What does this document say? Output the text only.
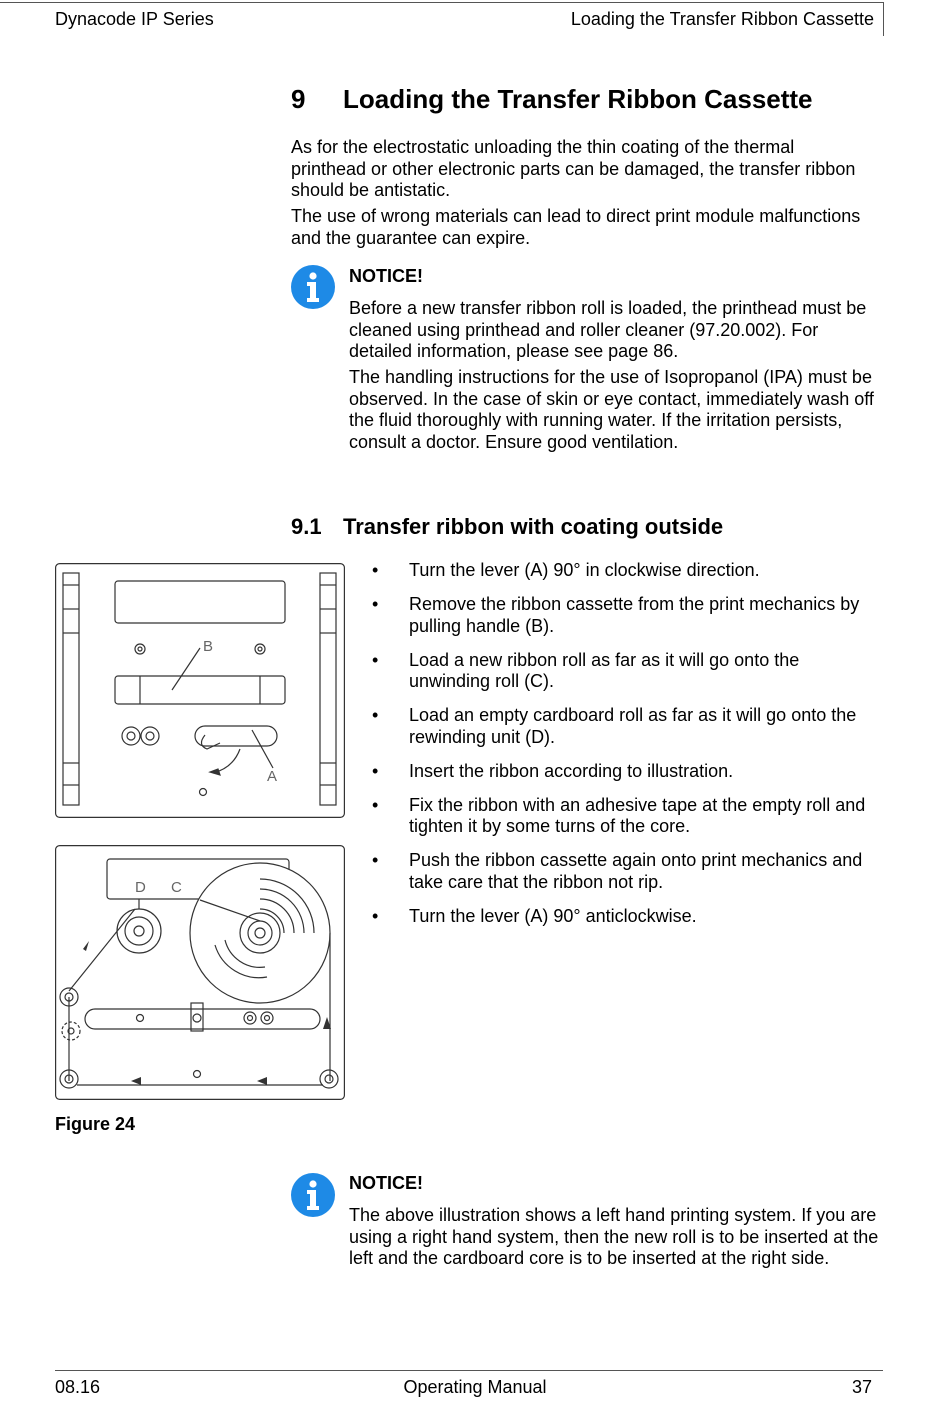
Dynacode IP Series	Loading the Transfer Ribbon Cassette
9 Loading the Transfer Ribbon Cassette

As for the electrostatic unloading the thin coating of the thermal printhead or other electronic parts can be damaged, the transfer ribbon should be antistatic.

The use of wrong materials can lead to direct print module malfunctions and the guarantee can expire.

NOTICE!

Before a new transfer ribbon roll is loaded, the printhead must be cleaned using printhead and roller cleaner (97.20.002). For detailed information, please see page 86.

The handling instructions for the use of Isopropanol (IPA) must be observed. In the case of skin or eye contact, immediately wash off the fluid thoroughly with running water. If the irritation persists, consult a doctor. Ensure good ventilation.

9.1 Transfer ribbon with coating outside
• Turn the lever (A) 90° in clockwise direction.
• Remove the ribbon cassette from the print mechanics by pulling handle (B).
• Load a new ribbon roll as far as it will go onto the unwinding roll (C).
• Load an empty cardboard roll as far as it will go onto the rewinding unit (D).
• Insert the ribbon according to illustration.
• Fix the ribbon with an adhesive tape at the empty roll and tighten it by some turns of the core.
• Push the ribbon cassette again onto print mechanics and take care that the ribbon not rip.
• Turn the lever (A) 90° anticlockwise.
B
A
D C
Figure 24
NOTICE!

The above illustration shows a left hand printing system. If you are using a right hand system, then the new roll is to be inserted at the left and the cardboard core is to be inserted at the right side.

08.16	Operating Manual	37
